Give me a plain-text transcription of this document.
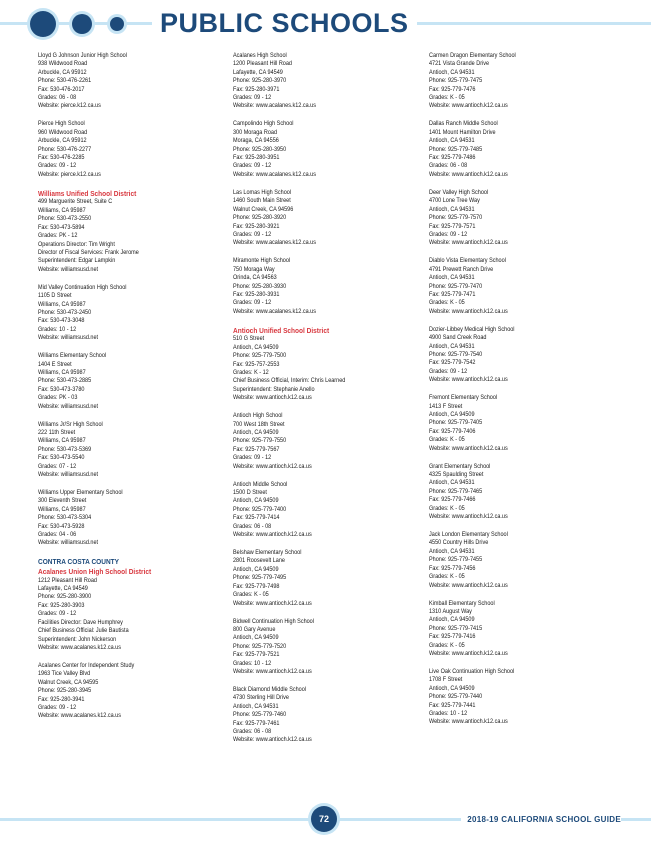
PUBLIC SCHOOLS
Lloyd G Johnson Junior High School
938 Wildwood Road
Arbuckle, CA 95912
Phone: 530-476-2261
Fax: 530-476-2017
Grades: 06 - 08
Website: pierce.k12.ca.us
Pierce High School
960 Wildwood Road
Arbuckle, CA 95912
Phone: 530-476-2277
Fax: 530-476-2285
Grades: 09 - 12
Website: pierce.k12.ca.us
Williams Unified School District
499 Marguerite Street, Suite C
Williams, CA 95987
Phone: 530-473-2550
Fax: 530-473-5894
Grades: PK - 12
Operations Director: Tim Wright
Director of Fiscal Services: Frank Jerome
Superintendent: Edgar Lampkin
Website: williamsusd.net
Mid Valley Continuation High School
1105 D Street
Williams, CA 95987
Phone: 530-473-2450
Fax: 530-473-3048
Grades: 10 - 12
Website: williamsusd.net
Williams Elementary School
1404 E Street
Williams, CA 95987
Phone: 530-473-2885
Fax: 530-473-3780
Grades: PK - 03
Website: williamsusd.net
Williams Jr/Sr High School
222 11th Street
Williams, CA 95987
Phone: 530-473-5369
Fax: 530-473-5540
Grades: 07 - 12
Website: williamsusd.net
Williams Upper Elementary School
300 Eleventh Street
Williams, CA 95987
Phone: 530-473-5304
Fax: 530-473-5928
Grades: 04 - 06
Website: williamsusd.net
CONTRA COSTA COUNTY
Acalanes Union High School District
1212 Pleasant Hill Road
Lafayette, CA 94549
Phone: 925-280-3900
Fax: 925-280-3903
Grades: 09 - 12
Facilities Director: Dave Humphrey
Chief Business Official: Julie Bautista
Superintendent: John Nickerson
Website: www.acalanes.k12.ca.us
Acalanes Center for Independent Study
1963 Tice Valley Blvd
Walnut Creek, CA 94595
Phone: 925-280-3945
Fax: 925-280-3941
Grades: 09 - 12
Website: www.acalanes.k12.ca.us
Acalanes High School
1200 Pleasant Hill Road
Lafayette, CA 94549
Phone: 925-280-3970
Fax: 925-280-3971
Grades: 09 - 12
Website: www.acalanes.k12.ca.us
Campolindo High School
300 Moraga Road
Moraga, CA 94556
Phone: 925-280-3950
Fax: 925-280-3951
Grades: 09 - 12
Website: www.acalanes.k12.ca.us
Las Lomas High School
1460 South Main Street
Walnut Creek, CA 94596
Phone: 925-280-3920
Fax: 925-280-3921
Grades: 09 - 12
Website: www.acalanes.k12.ca.us
Miramonte High School
750 Moraga Way
Orinda, CA 94563
Phone: 925-280-3930
Fax: 925-280-3931
Grades: 09 - 12
Website: www.acalanes.k12.ca.us
Antioch Unified School District
510 G Street
Antioch, CA 94509
Phone: 925-779-7500
Fax: 925-757-2553
Grades: K - 12
Chief Business Official, Interim: Chris Learned
Superintendent: Stephanie Anello
Website: www.antioch.k12.ca.us
Antioch High School
700 West 18th Street
Antioch, CA 94509
Phone: 925-779-7550
Fax: 925-779-7567
Grades: 09 - 12
Website: www.antioch.k12.ca.us
Antioch Middle School
1500 D Street
Antioch, CA 94509
Phone: 925-779-7400
Fax: 925-779-7414
Grades: 06 - 08
Website: www.antioch.k12.ca.us
Belshaw Elementary School
2801 Roosevelt Lane
Antioch, CA 94509
Phone: 925-779-7495
Fax: 925-779-7498
Grades: K - 05
Website: www.antioch.k12.ca.us
Bidwell Continuation High School
800 Gary Avenue
Antioch, CA 94509
Phone: 925-779-7520
Fax: 925-779-7521
Grades: 10 - 12
Website: www.antioch.k12.ca.us
Black Diamond Middle School
4730 Sterling Hill Drive
Antioch, CA 94531
Phone: 925-779-7460
Fax: 925-779-7461
Grades: 06 - 08
Website: www.antioch.k12.ca.us
Carmen Dragon Elementary School
4721 Vista Grande Drive
Antioch, CA 94531
Phone: 925-779-7475
Fax: 925-779-7476
Grades: K - 05
Website: www.antioch.k12.ca.us
Dallas Ranch Middle School
1401 Mount Hamilton Drive
Antioch, CA 94531
Phone: 925-779-7485
Fax: 925-779-7486
Grades: 06 - 08
Website: www.antioch.k12.ca.us
Deer Valley High School
4700 Lone Tree Way
Antioch, CA 94531
Phone: 925-779-7570
Fax: 925-779-7571
Grades: 09 - 12
Website: www.antioch.k12.ca.us
Diablo Vista Elementary School
4791 Prewett Ranch Drive
Antioch, CA 94531
Phone: 925-779-7470
Fax: 925-779-7471
Grades: K - 05
Website: www.antioch.k12.ca.us
Dozier-Libbey Medical High School
4900 Sand Creek Road
Antioch, CA 94531
Phone: 925-779-7540
Fax: 925-779-7542
Grades: 09 - 12
Website: www.antioch.k12.ca.us
Fremont Elementary School
1413 F Street
Antioch, CA 94509
Phone: 925-779-7405
Fax: 925-779-7406
Grades: K - 05
Website: www.antioch.k12.ca.us
Grant Elementary School
4325 Spaulding Street
Antioch, CA 94531
Phone: 925-779-7465
Fax: 925-779-7466
Grades: K - 05
Website: www.antioch.k12.ca.us
Jack London Elementary School
4550 Country Hills Drive
Antioch, CA 94531
Phone: 925-779-7455
Fax: 925-779-7456
Grades: K - 05
Website: www.antioch.k12.ca.us
Kimball Elementary School
1310 August Way
Antioch, CA 94509
Phone: 925-779-7415
Fax: 925-779-7416
Grades: K - 05
Website: www.antioch.k12.ca.us
Live Oak Continuation High School
1708 F Street
Antioch, CA 94509
Phone: 925-779-7440
Fax: 925-779-7441
Grades: 10 - 12
Website: www.antioch.k12.ca.us
72	2018-19 CALIFORNIA SCHOOL GUIDE
